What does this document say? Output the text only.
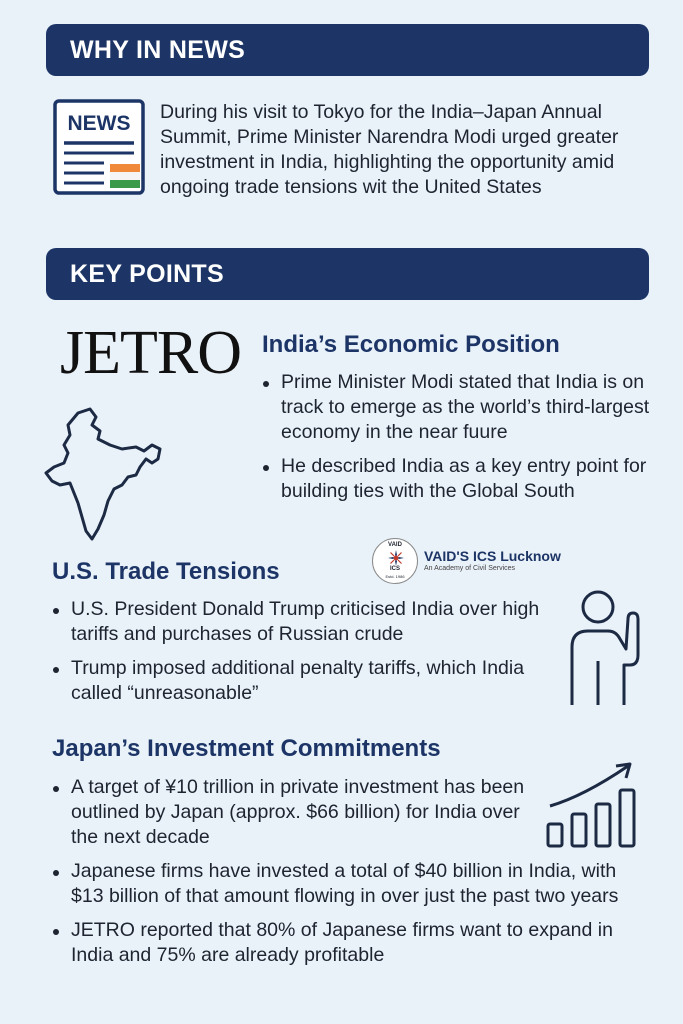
WHY IN NEWS
NEWS During his visit to Tokyo for the India–Japan Annual Summit, Prime Minister Narendra Modi urged greater investment in India, highlighting the opportunity amid ongoing trade tensions wit the United States
KEY POINTS
JETRO India’s Economic Position
Prime Minister Modi stated that India is on track to emerge as the world’s third-largest economy in the near fuure
He described India as a key entry point for building ties with the Global South
VAID
ICS
Estd. 1986
VAID'S ICS Lucknow
An Academy of Civil Services
U.S. Trade Tensions
U.S. President Donald Trump criticised India over high tariffs and purchases of Russian crude
Trump imposed additional penalty tariffs, which India called “unreasonable”
Japan’s Investment Commitments
A target of ¥10 trillion in private investment has been outlined by Japan (approx. $66 billion) for India over the next decade
Japanese firms have invested a total of $40 billion in India, with $13 billion of that amount flowing in over just the past two years
JETRO reported that 80% of Japanese firms want to expand in India and 75% are already profitable
